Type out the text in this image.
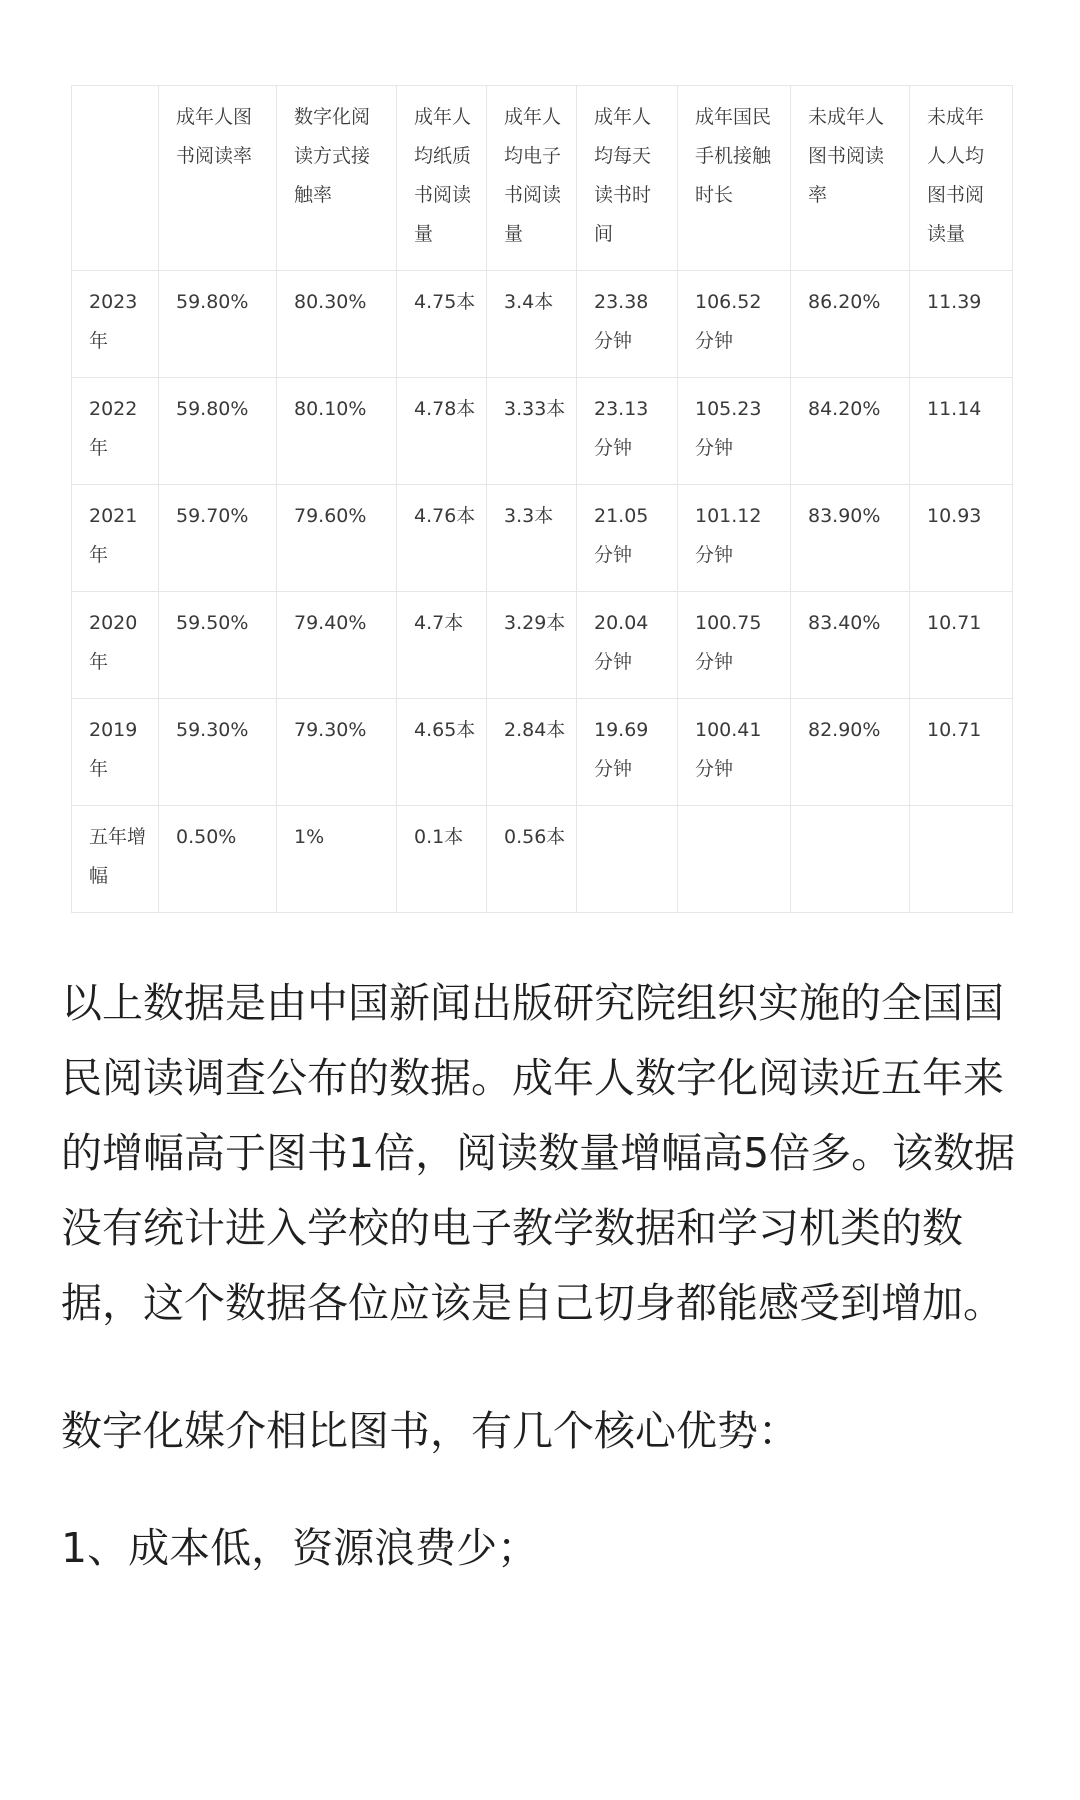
	成年人图书阅读率	数字化阅读方式接触率	成年人均纸质书阅读量	成年人均电子书阅读量	成年人均每天读书时间	成年国民手机接触时长	未成年人图书阅读率	未成年人人均图书阅读量
2023年	59.80%	80.30%	4.75本	3.4本	23.38分钟	106.52分钟	86.20%	11.39
2022年	59.80%	80.10%	4.78本	3.33本	23.13分钟	105.23分钟	84.20%	11.14
2021年	59.70%	79.60%	4.76本	3.3本	21.05分钟	101.12分钟	83.90%	10.93
2020年	59.50%	79.40%	4.7本	3.29本	20.04分钟	100.75分钟	83.40%	10.71
2019年	59.30%	79.30%	4.65本	2.84本	19.69分钟	100.41分钟	82.90%	10.71
五年增幅	0.50%	1%	0.1本	0.56本				

以上数据是由中国新闻出版研究院组织实施的全国国民阅读调查公布的数据。成年人数字化阅读近五年来的增幅高于图书1倍，阅读数量增幅高5倍多。该数据没有统计进入学校的电子教学数据和学习机类的数据，这个数据各位应该是自己切身都能感受到增加。

数字化媒介相比图书，有几个核心优势：

1、成本低，资源浪费少；
